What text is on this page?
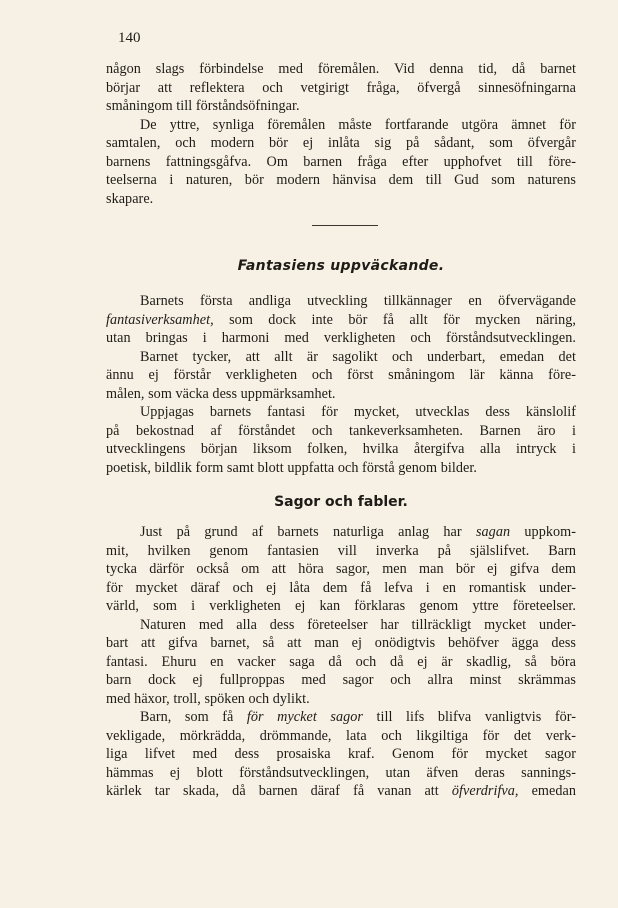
140
någon slags förbindelse med föremålen. Vid denna tid, då barnet
börjar att reflektera och vetgirigt fråga, öfvergå sinnesöfningarna
småningom till förståndsöfningar.
De yttre, synliga föremålen måste fortfarande utgöra ämnet för
samtalen, och modern bör ej inlåta sig på sådant, som öfvergår
barnens fattningsgåfva. Om barnen fråga efter upphofvet till före-
teelserna i naturen, bör modern hänvisa dem till Gud som naturens
skapare.
Fantasiens uppväckande.
Barnets första andliga utveckling tillkännager en öfvervägande
fantasiverksamhet, som dock inte bör få allt för mycken näring,
utan bringas i harmoni med verkligheten och förståndsutvecklingen.
Barnet tycker, att allt är sagolikt och underbart, emedan det
ännu ej förstår verkligheten och först småningom lär känna före-
målen, som väcka dess uppmärksamhet.
Uppjagas barnets fantasi för mycket, utvecklas dess känslolif
på bekostnad af förståndet och tankeverksamheten. Barnen äro i
utvecklingens början liksom folken, hvilka återgifva alla intryck i
poetisk, bildlik form samt blott uppfatta och förstå genom bilder.
Sagor och fabler.
Just på grund af barnets naturliga anlag har sagan uppkom-
mit, hvilken genom fantasien vill inverka på själslifvet. Barn
tycka därför också om att höra sagor, men man bör ej gifva dem
för mycket däraf och ej låta dem få lefva i en romantisk under-
värld, som i verkligheten ej kan förklaras genom yttre företeelser.
Naturen med alla dess företeelser har tillräckligt mycket under-
bart att gifva barnet, så att man ej onödigtvis behöfver ägga dess
fantasi. Ehuru en vacker saga då och då ej är skadlig, så böra
barn dock ej fullproppas med sagor och allra minst skrämmas
med häxor, troll, spöken och dylikt.
Barn, som få för mycket sagor till lifs blifva vanligtvis för-
vekligade, mörkrädda, drömmande, lata och likgiltiga för det verk-
liga lifvet med dess prosaiska kraf. Genom för mycket sagor
hämmas ej blott förståndsutvecklingen, utan äfven deras sannings-
kärlek tar skada, då barnen däraf få vanan att öfverdrifva, emedan
